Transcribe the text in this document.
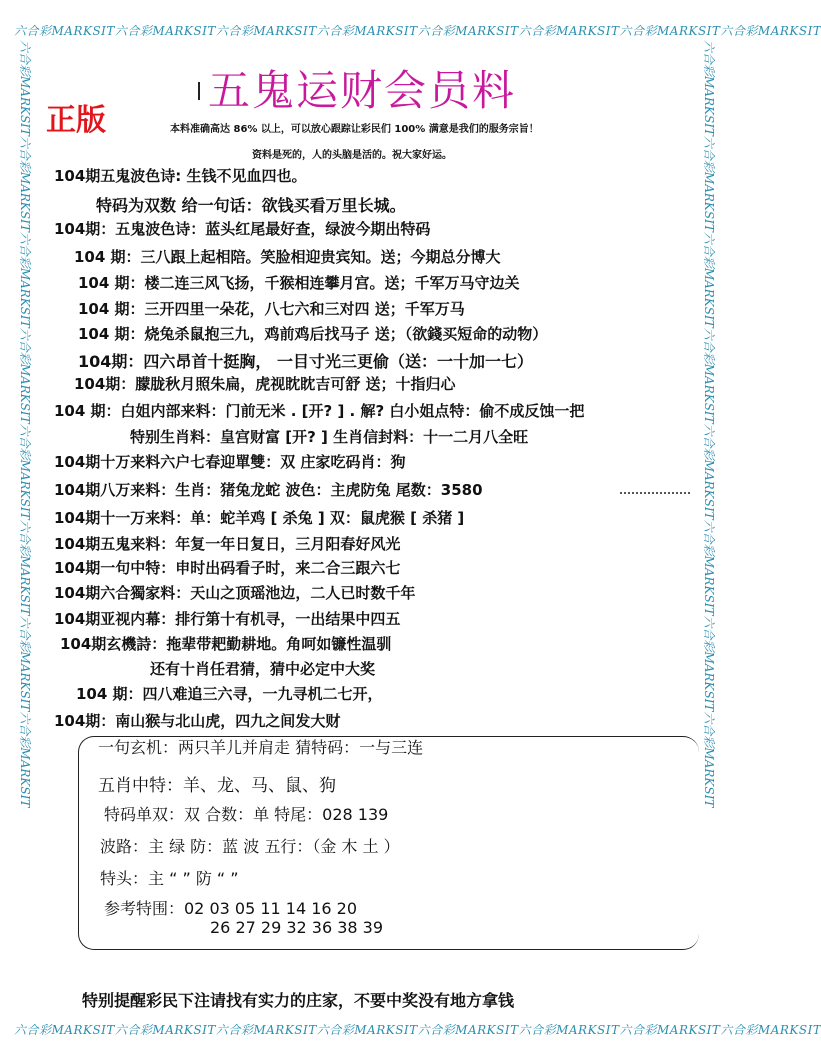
六合彩MARKSIT六合彩MARKSIT六合彩MARKSIT六合彩MARKSIT六合彩MARKSIT六合彩MARKSIT六合彩MARKSIT六合彩MARKSIT
六合彩MARKSIT六合彩MARKSIT六合彩MARKSIT六合彩MARKSIT六合彩MARKSIT六合彩MARKSIT六合彩MARKSIT六合彩MARKSIT
六合彩MARKSIT六合彩MARKSIT六合彩MARKSIT六合彩MARKSIT六合彩MARKSIT六合彩MARKSIT六合彩MARKSIT六合彩MARKSIT	六合彩MARKSIT六合彩MARKSIT六合彩MARKSIT六合彩MARKSIT六合彩MARKSIT六合彩MARKSIT六合彩MARKSIT六合彩MARKSIT
五鬼运财会员料
正版	本料准确高达 86% 以上，可以放心跟踪让彩民们 100% 满意是我们的服务宗旨！
资料是死的，人的头脑是活的。祝大家好运。
104期五鬼波色诗: 生钱不见血四也。
特码为双数 给一句话：欲钱买看万里长城。
104期：五鬼波色诗：蓝头红尾最好查，绿波今期出特码
104 期：三八跟上起相陪。笑脸相迎贵宾知。送；今期总分博大
104 期：楼二连三风飞扬，千猴相连攀月宫。送；千军万马守边关
104 期：三开四里一朵花，八七六和三对四 送；千军万马
104 期：烧兔杀鼠抱三九，鸡前鸡后找马子 送；（欲錢买短命的动物）
104期：四六昂首十挺胸， 一目寸光三更偷（送：一十加一七）
104期：朦胧秋月照朱扁，虎视眈眈吉可舒 送；十指归心
104 期：白姐内部来料：门前无米 . [开? ] . 解? 白小姐点特：偷不成反蚀一把
特别生肖料：皇宫财富 [开? ] 生肖信封料：十一二月八全旺
104期十万来料六户七春迎單雙：双 庄家吃码肖：狗
104期八万来料：生肖：猪兔龙蛇 波色：主虎防兔 尾数：3580
104期十一万来料：单：蛇羊鸡 [ 杀兔 ] 双：鼠虎猴 [ 杀猪 ]
104期五鬼来料：年复一年日复日，三月阳春好风光
104期一句中特：申时出码看子时，来二合三跟六七
104期六合獨家料：天山之顶瑶池边，二人已时数千年
104期亚视内幕：排行第十有机寻，一出结果中四五
104期玄機詩：拖辈带耙勤耕地。角呵如镰性温驯
还有十肖任君猜，猜中必定中大奖
104 期：四八难追三六寻，一九寻机二七开，
104期：南山猴与北山虎，四九之间发大财
一句玄机：两只羊儿并肩走 猜特码：一与三连
五肖中特：羊、龙、马、鼠、狗
特码单双：双 合数：单 特尾：028 139
波路：主 绿 防：蓝 波 五行：（金 木 土 ）
特头：主 “ ” 防 “ ”
参考特围：02 03 05 11 14 16 20
26 27 29 32 36 38 39
特别提醒彩民下注请找有实力的庄家，不要中奖没有地方拿钱
